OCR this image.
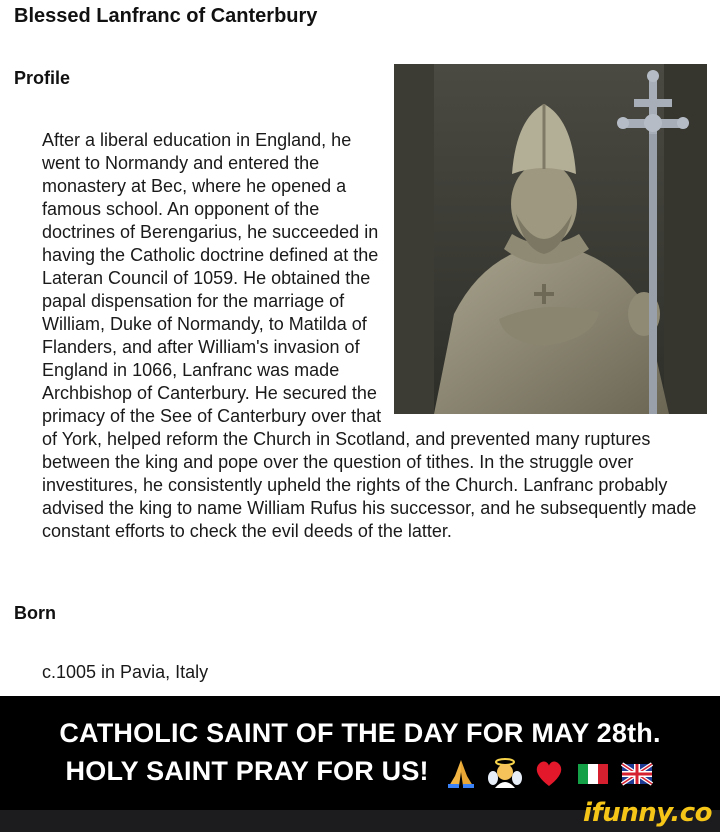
Blessed Lanfranc of Canterbury
Profile
After a liberal education in England, he went to Normandy and entered the monastery at Bec, where he opened a famous school. An opponent of the doctrines of Berengarius, he succeeded in having the Catholic doctrine defined at the Lateran Council of 1059. He obtained the papal dispensation for the marriage of William, Duke of Normandy, to Matilda of Flanders, and after William's invasion of England in 1066, Lanfranc was made Archbishop of Canterbury. He secured the primacy of the See of Canterbury over that of York, helped reform the Church in Scotland, and prevented many ruptures between the king and pope over the question of tithes. In the struggle over investitures, he consistently upheld the rights of the Church. Lanfranc probably advised the king to name William Rufus his successor, and he subsequently made constant efforts to check the evil deeds of the latter.
Born
c.1005 in Pavia, Italy
CATHOLIC SAINT OF THE DAY FOR MAY 28th.
HOLY SAINT PRAY FOR US!
ifunny.co
